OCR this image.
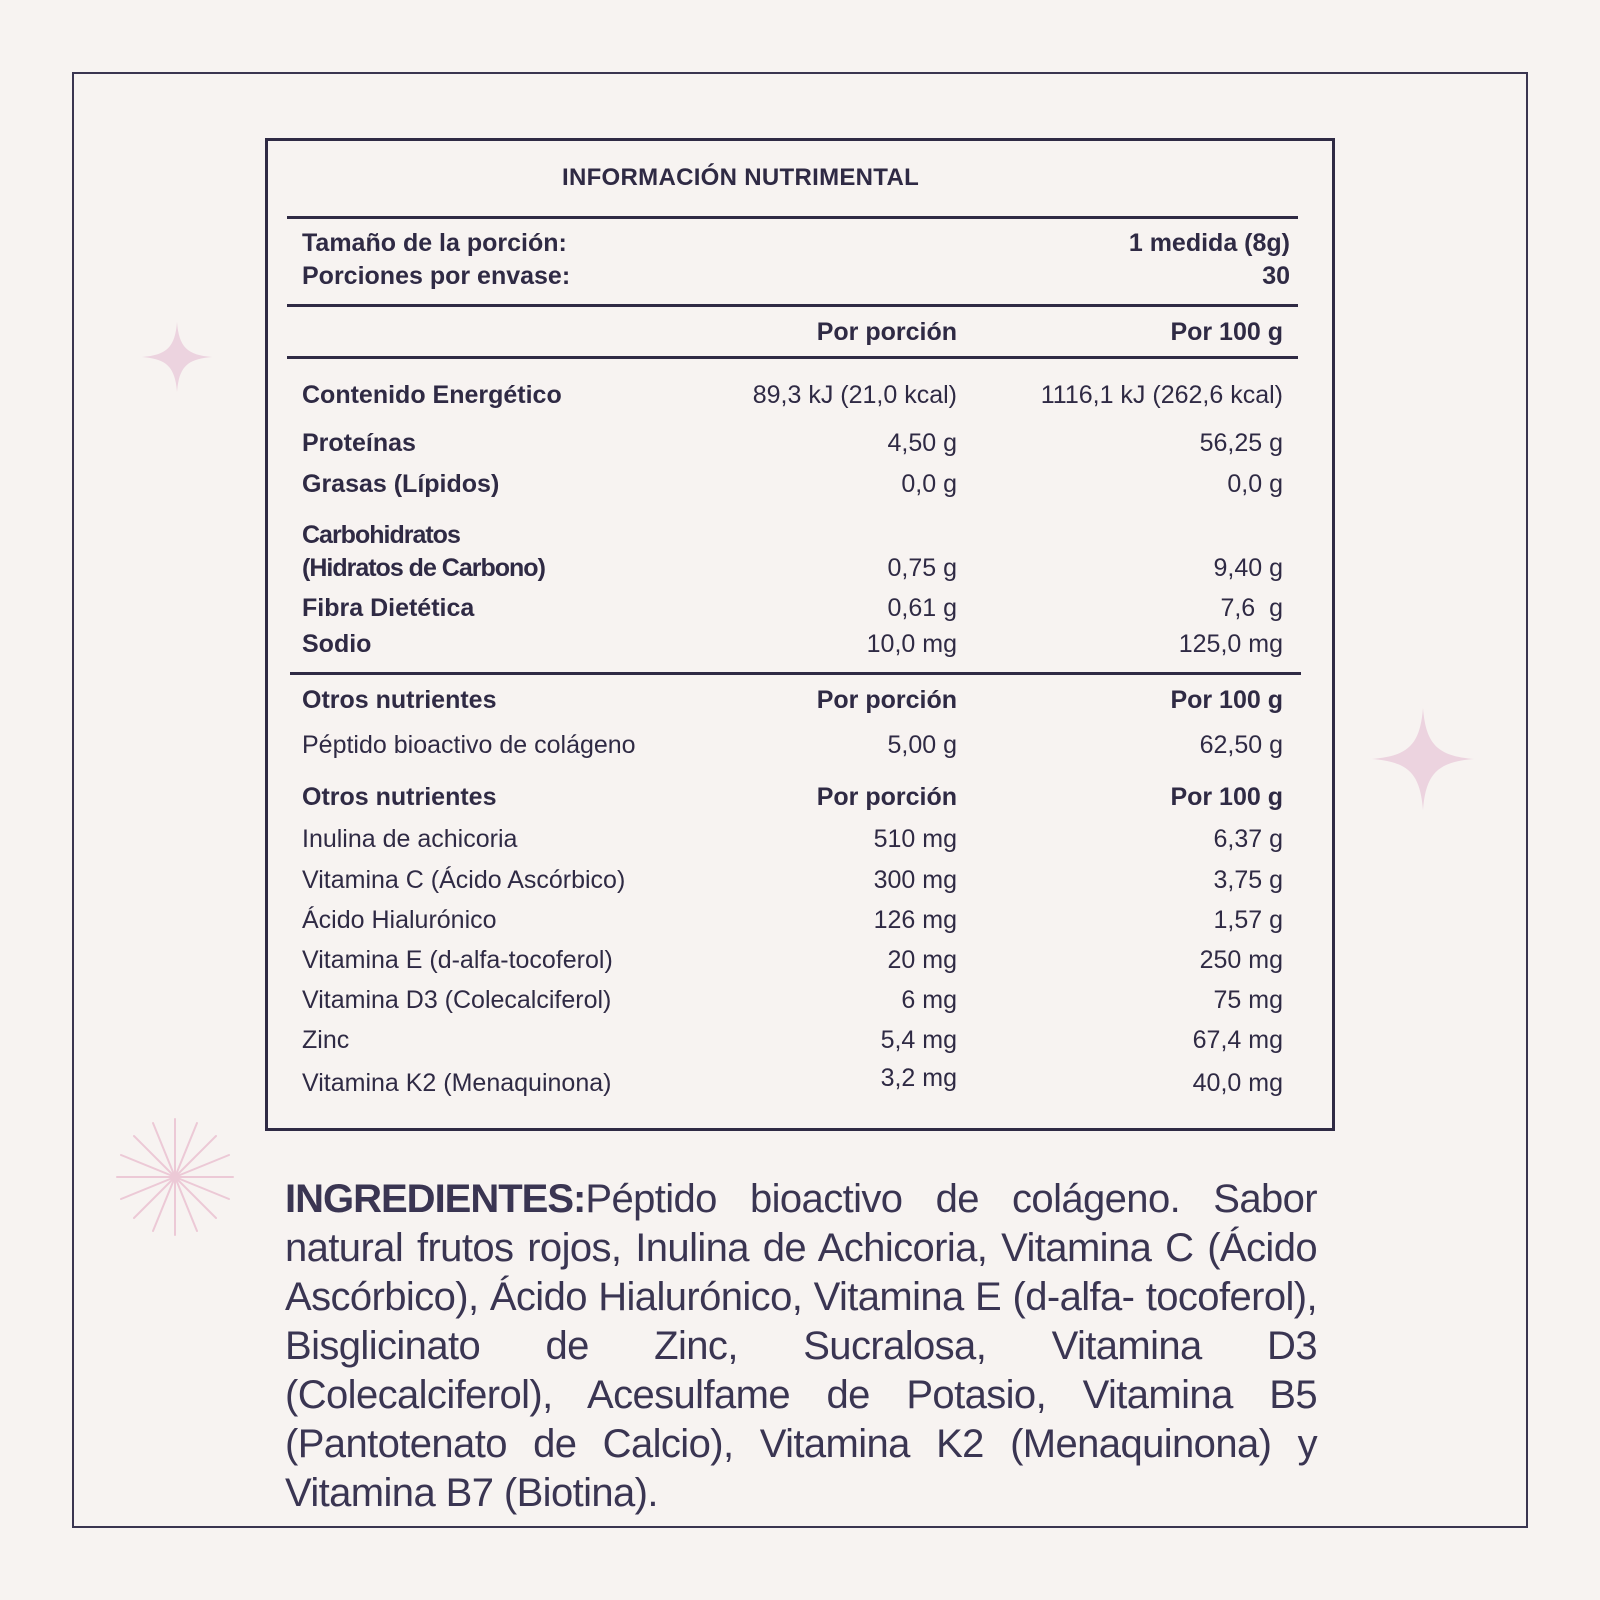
INFORMACIÓN NUTRIMENTAL
Tamaño de la porción:	1 medida (8g)
Porciones por envase:	30
Por porción	Por 100 g
Contenido Energético	89,3 kJ (21,0 kcal)	1116,1 kJ (262,6 kcal)
Proteínas	4,50 g	56,25 g
Grasas (Lípidos)	0,0 g	0,0 g
Carbohidratos
(Hidratos de Carbono)	0,75 g	9,40 g
Fibra Dietética	0,61 g	7,6  g
Sodio	10,0 mg	125,0 mg
Otros nutrientes	Por porción	Por 100 g
Péptido bioactivo de colágeno	5,00 g	62,50 g
Otros nutrientes	Por porción	Por 100 g
Inulina de achicoria	510 mg	6,37 g
Vitamina C (Ácido Ascórbico)	300 mg	3,75 g
Ácido Hialurónico	126 mg	1,57 g
Vitamina E (d-alfa-tocoferol)	20 mg	250 mg
Vitamina D3 (Colecalciferol)	6 mg	75 mg
Zinc	5,4 mg	67,4 mg
Vitamina K2 (Menaquinona)	3,2 mg	40,0 mg
INGREDIENTES:Péptido bioactivo de colágeno. Sabor natural frutos rojos, Inulina de Achicoria, Vitamina C (Ácido Ascórbico), Ácido Hialurónico, Vitamina E (d-alfa- tocoferol), Bisglicinato de Zinc, Sucralosa, Vitamina D3 (Colecalciferol), Acesulfame de Potasio, Vitamina B5 (Pantotenato de Calcio), Vitamina K2 (Menaquinona) y Vitamina B7 (Biotina).
